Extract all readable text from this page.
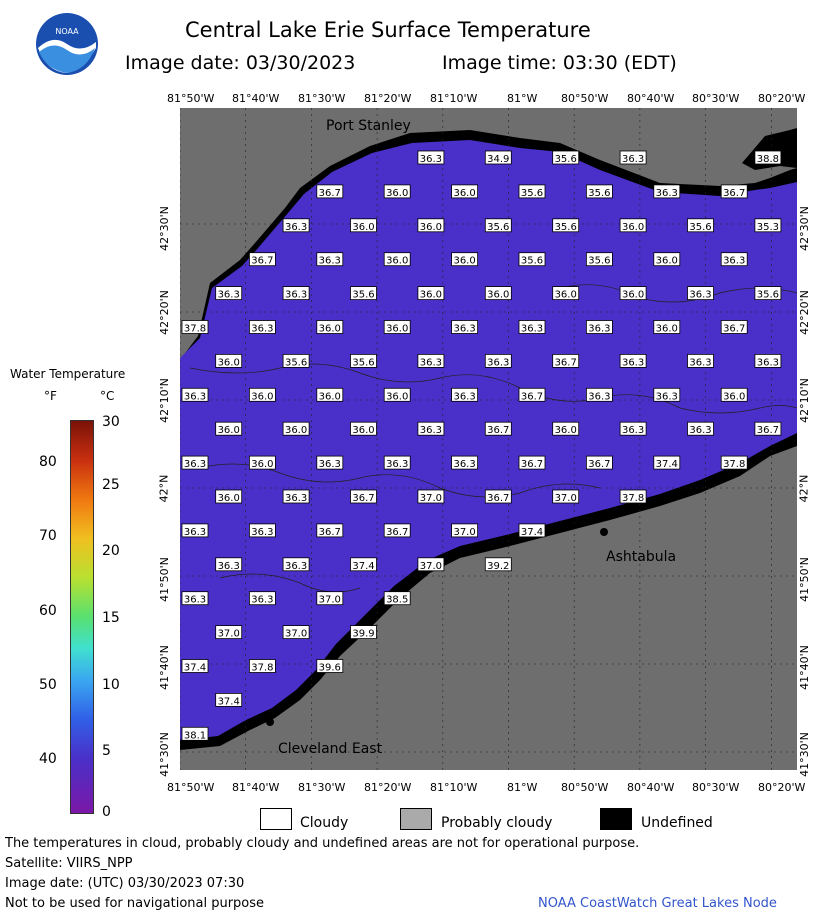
NOAA	Central Lake Erie Surface Temperature
Image date: 03/30/2023	Image time: 03:30 (EDT)
81°50'W 81°40'W 81°30'W 81°20'W 81°10'W	81°W 80°50'W 80°40'W 80°30'W 80°20'W
81°50'W 81°40'W 81°30'W 81°20'W 81°10'W	81°W 80°50'W 80°40'W 80°30'W 80°20'W
42°30'N
42°20'N
42°10'N
42°N
41°50'N
41°40'N
41°30'N
42°30'N
42°20'N
42°10'N
42°N
41°50'N
41°40'N
41°30'N
Water Temperature
°F	°C
80
70
60
50
40
30
25
20
15
10
5
0
36.3	34.9	35.6	36.3	38.8
36.7	36.0	36.0	35.6	35.6	36.3	36.7
36.3	36.0	36.0	35.6	35.6	36.0	35.6	35.3
36.7	36.3	36.0	36.0	35.6	35.6	36.0	36.3
36.3	36.3	35.6	36.0	36.0	36.0	36.0	36.3	35.6
37.8	36.3	36.0	36.0	36.3	36.3	36.3	36.0	36.7
36.0	35.6	35.6	36.3	36.3	36.7	36.3	36.3	36.3
36.3	36.0	36.0	36.0	36.3	36.7	36.3	36.3	36.0
36.0	36.0	36.0	36.3	36.7	36.0	36.3	36.3	36.7
36.3	36.0	36.3	36.3	36.3	36.7	36.7	37.4	37.8
36.0	36.3	36.7	37.0	36.7	37.0	37.8
36.3	36.3	36.7	36.7	37.0	37.4
36.3	36.3	37.4	37.0	39.2
36.3	36.3	37.0	38.5
37.0	37.0	39.9
37.4	37.8	39.6
37.4
38.1
Port Stanley
Ashtabula
Cleveland East
Cloudy	Probably cloudy	Undefined
The temperatures in cloud, probably cloudy and undefined areas are not for operational purpose.
Satellite: VIIRS_NPP
Image date: (UTC) 03/30/2023 07:30
Not to be used for navigational purpose	NOAA CoastWatch Great Lakes Node
